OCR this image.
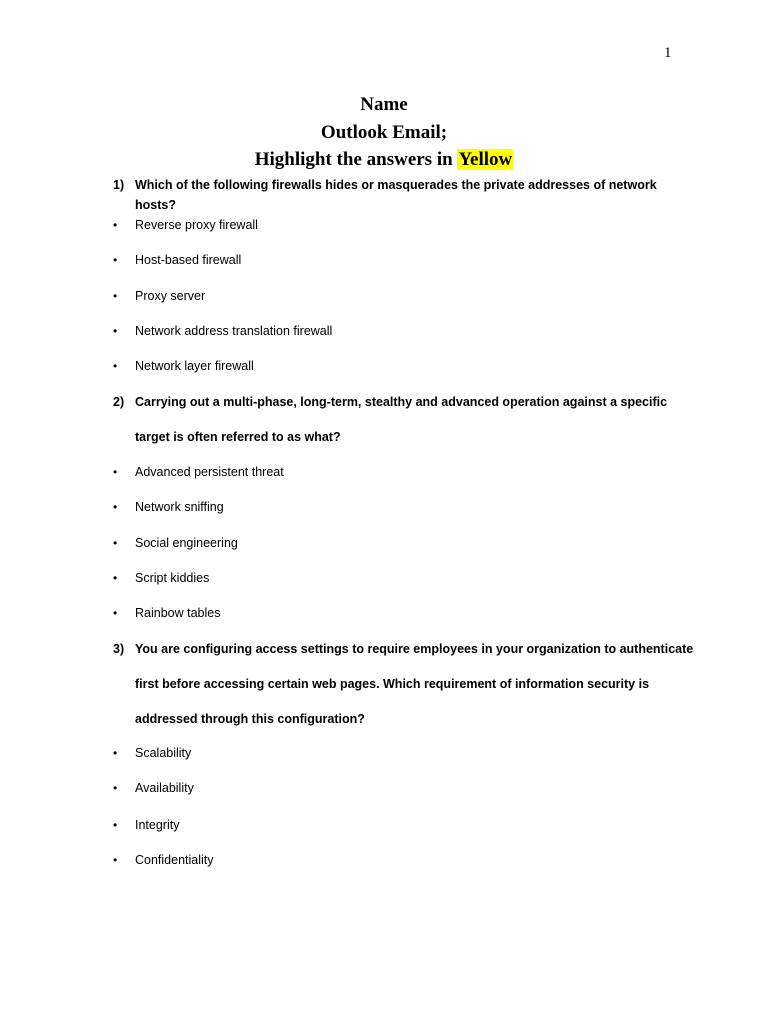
1
Name
Outlook Email;
Highlight the answers in Yellow
1) Which of the following firewalls hides or masquerades the private addresses of network
hosts?
• Reverse proxy firewall
• Host-based firewall
• Proxy server
• Network address translation firewall
• Network layer firewall
2) Carrying out a multi-phase, long-term, stealthy and advanced operation against a specific
target is often referred to as what?
• Advanced persistent threat
• Network sniffing
• Social engineering
• Script kiddies
• Rainbow tables
3) You are configuring access settings to require employees in your organization to authenticate
first before accessing certain web pages. Which requirement of information security is
addressed through this configuration?
• Scalability
• Availability
• Integrity
• Confidentiality
